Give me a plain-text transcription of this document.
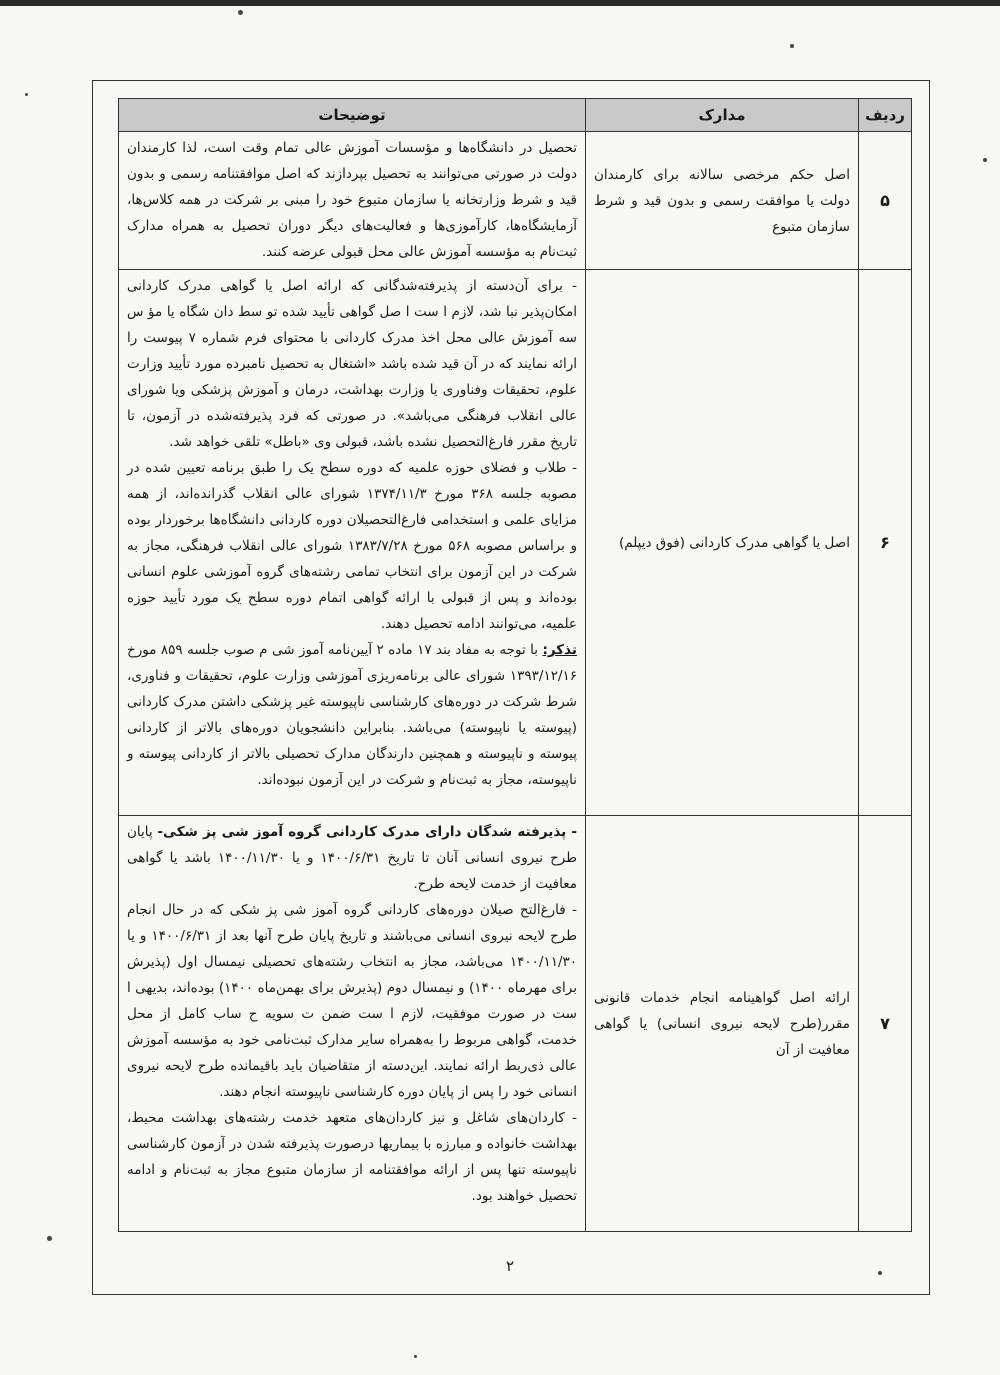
ردیف	مدارک	توضیحات
۵	اصل حکم مرخصی سالانه برای کارمندان دولت یا موافقت رسمی و بدون قید و شرط سازمان متبوع	تحصیل در دانشگاه‌ها و مؤسسات آموزش عالی تمام وقت است، لذا کارمندان دولت در صورتی می‌توانند به تحصیل بپردازند که اصل موافقتنامه رسمی و بدون قید و شرط وزارتخانه یا سازمان متبوع خود را مبنی بر شرکت در همه کلاس‌ها، آزمایشگاه‌ها، کارآموزی‌ها و فعالیت‌های دیگر دوران تحصیل به همراه مدارک ثبت‌نام به مؤسسه آموزش عالی محل قبولی عرضه کنند.

۶	اصل یا گواهی مدرک کاردانی (فوق دیپلم)	- برای آن‌دسته از پذیرفته‌شدگانی که ارائه اصل یا گواهی مدرک کاردانی امکان‌پذیر نبا شد، لازم ا ست ا صل گواهی تأیید شده تو سط دان شگاه یا مؤ س سه آموزش عالی محل اخذ مدرک کاردانی با محتوای فرم شماره ۷ پیوست را ارائه نمایند که در آن قید شده باشد «اشتغال به تحصیل نامبرده مورد تأیید وزارت علوم، تحقیقات وفناوری یا وزارت بهداشت، درمان و آموزش پزشکی ویا شورای عالی انقلاب فرهنگی می‌باشد». در صورتی که فرد پذیرفته‌شده در آزمون، تا تاریخ مقرر فارغ‌التحصیل نشده باشد، قبولی وی «باطل» تلقی خواهد شد.

- طلاب و فضلای حوزه علمیه که دوره سطح یک را طبق برنامه تعیین شده در مصوبه جلسه ۳۶۸ مورخ ۱۳۷۴/۱۱/۳ شورای عالی انقلاب گذرانده‌اند، از همه مزایای علمی و استخدامی فارغ‌التحصیلان دوره کاردانی دانشگاه‌ها برخوردار بوده و براساس مصوبه ۵۶۸ مورخ ۱۳۸۳/۷/۲۸ شورای عالی انقلاب فرهنگی، مجاز به شرکت در این آزمون برای انتخاب تمامی رشته‌های گروه آموزشی علوم انسانی بوده‌اند و پس از قبولی با ارائه گواهی اتمام دوره سطح یک مورد تأیید حوزه علمیه، می‌توانند ادامه تحصیل دهند.

تذکر: با توجه به مفاد بند ۱۷ ماده ۲ آیین‌نامه آموز شی م صوب جلسه ۸۵۹ مورخ ۱۳۹۳/۱۲/۱۶ شورای عالی برنامه‌ریزی آموزشی وزارت علوم، تحقیقات و فناوری، شرط شرکت در دوره‌های کارشناسی ناپیوسته غیر پزشکی داشتن مدرک کاردانی (پیوسته یا ناپیوسته) می‌باشد. بنابراین دانشجویان دوره‌های بالاتر از کاردانی پیوسته و ناپیوسته و همچنین دارندگان مدارک تحصیلی بالاتر از کاردانی پیوسته و ناپیوسته، مجاز به ثبت‌نام و شرکت در این آزمون نبوده‌اند.

۷	ارائه اصل گواهینامه انجام خدمات قانونی مقرر(طرح لایحه نیروی انسانی) یا گواهی معافیت از آن	- پذیرفته شدگان دارای مدرک کاردانی گروه آموز شی پز شکی- پایان طرح نیروی انسانی آنان تا تاریخ ۱۴۰۰/۶/۳۱ و یا ۱۴۰۰/۱۱/۳۰ باشد یا گواهی معافیت از خدمت لایحه طرح.

- فارغ‌التح صیلان دوره‌های کاردانی گروه آموز شی پز شکی که در حال انجام طرح لایحه نیروی انسانی می‌باشند و تاریخ پایان طرح آنها بعد از ۱۴۰۰/۶/۳۱ و یا ۱۴۰۰/۱۱/۳۰ می‌باشد، مجاز به انتخاب رشته‌های تحصیلی نیمسال اول (پذیرش برای مهرماه ۱۴۰۰) و نیمسال دوم (پذیرش برای بهمن‌ماه ۱۴۰۰) بوده‌اند، بدیهی ا ست در صورت موفقیت، لازم ا ست ضمن ت سویه ح ساب کامل از محل خدمت، گواهی مربوط را به‌همراه سایر مدارک ثبت‌نامی خود به مؤسسه آموزش عالی ذی‌ربط ارائه نمایند. این‌دسته از متقاضیان باید باقیمانده طرح لایحه نیروی انسانی خود را پس از پایان دوره کارشناسی ناپیوسته انجام دهند.

- کاردان‌های شاغل و نیز کاردان‌های متعهد خدمت رشته‌های بهداشت محیط، بهداشت خانواده و مبارزه با بیماریها درصورت پذیرفته شدن در آزمون کارشناسی ناپیوسته تنها پس از ارائه موافقتنامه از سازمان متبوع مجاز به ثبت‌نام و ادامه تحصیل خواهند بود.

۲
